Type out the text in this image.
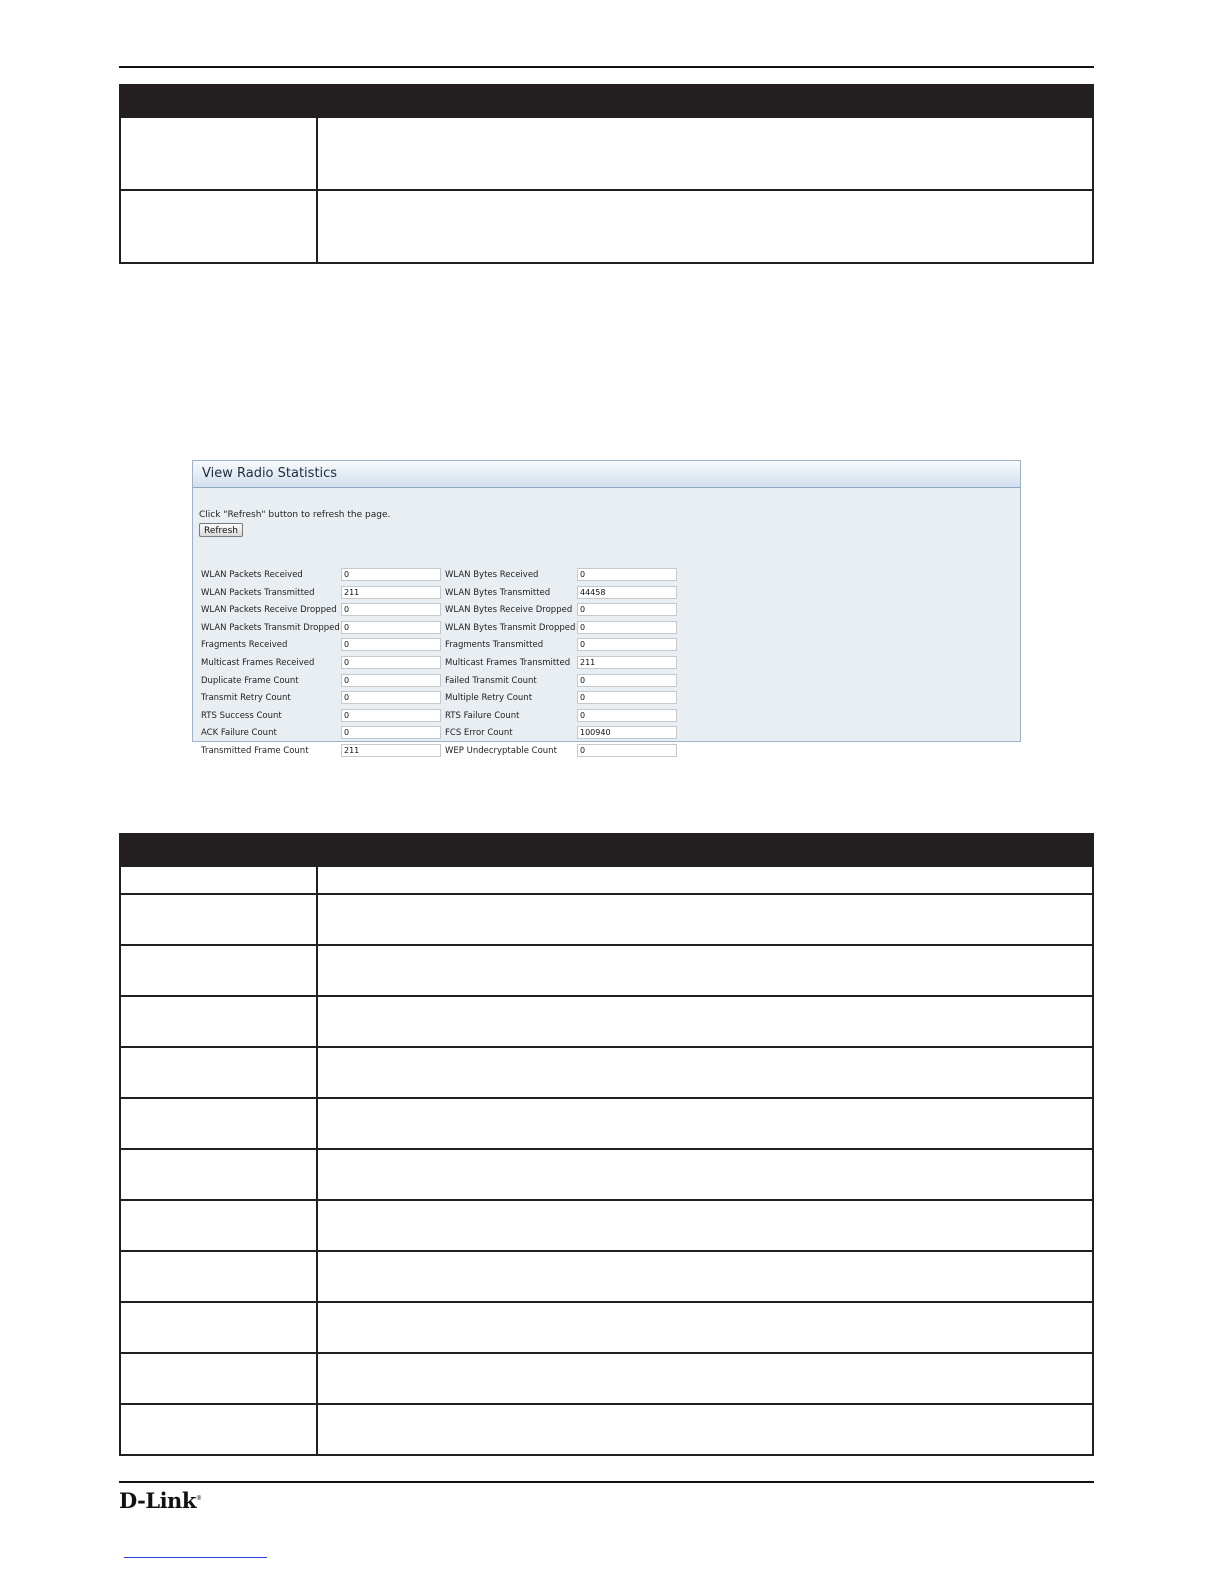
View Radio Statistics
Click "Refresh" button to refresh the page.
Refresh
WLAN Packets Received	0	WLAN Bytes Received	0
WLAN Packets Transmitted	211	WLAN Bytes Transmitted	44458
WLAN Packets Receive Dropped 0	WLAN Bytes Receive Dropped 0
WLAN Packets Transmit Dropped 0	WLAN Bytes Transmit Dropped 0
Fragments Received	0	Fragments Transmitted	0
Multicast Frames Received	0	Multicast Frames Transmitted	211
Duplicate Frame Count	0	Failed Transmit Count	0
Transmit Retry Count	0	Multiple Retry Count	0
RTS Success Count	0	RTS Failure Count	0
ACK Failure Count	0	FCS Error Count	100940
Transmitted Frame Count	211	WEP Undecryptable Count	0

D-Link®
